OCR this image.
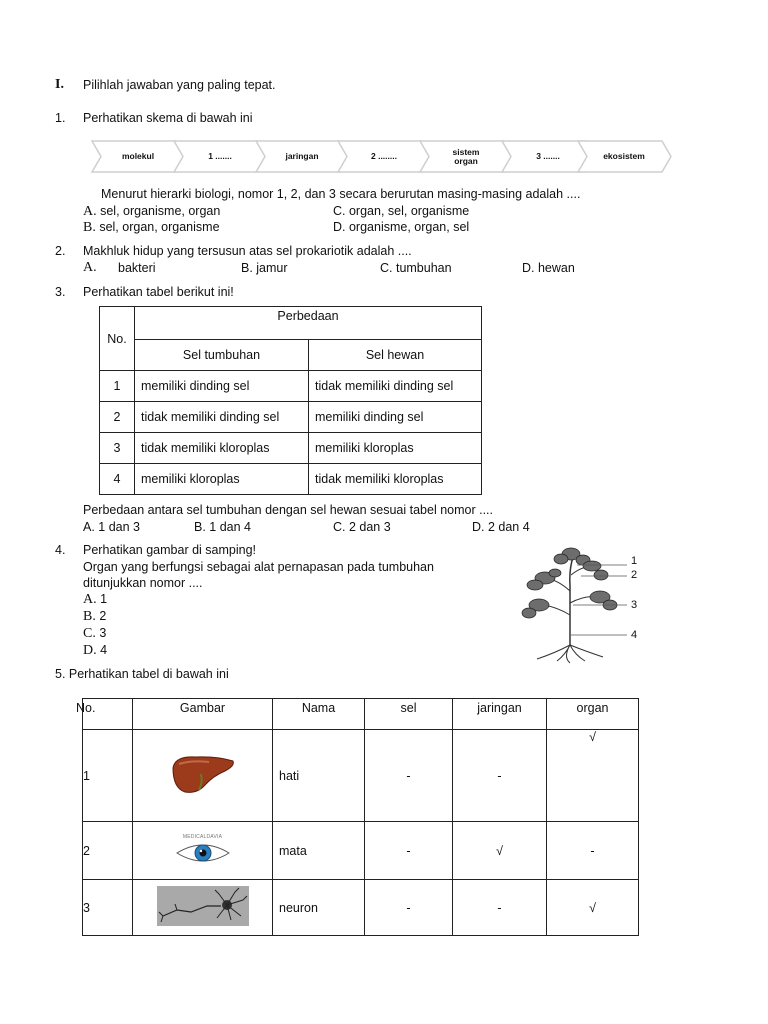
I. Pilihlah jawaban yang paling tepat.
1. Perhatikan skema di bawah ini
molekul	1 .......	jaringan	2 ........	sistem organ	3 .......	ekosistem
Menurut hierarki biologi, nomor 1, 2, dan 3 secara berurutan masing-masing adalah ....
A. sel, organisme, organ	C. organ, sel, organisme
B. sel, organ, organisme	D. organisme, organ, sel
2. Makhluk hidup yang tersusun atas sel prokariotik adalah ....
A. bakteri	B. jamur	C. tumbuhan	D. hewan
3. Perhatikan tabel berikut ini!
No.	Perbedaan	
	Sel tumbuhan	Sel hewan
1	memiliki dinding sel	tidak memiliki dinding sel
2	tidak memiliki dinding sel	memiliki dinding sel
3	tidak memiliki kloroplas	memiliki kloroplas
4	memiliki kloroplas	tidak memiliki kloroplas
Perbedaan antara sel tumbuhan dengan sel hewan sesuai tabel nomor ....
A. 1 dan 3	B. 1 dan 4	C. 2 dan 3	D. 2 dan 4
4. Perhatikan gambar di samping!
Organ yang berfungsi sebagai alat pernapasan pada tumbuhan
ditunjukkan nomor ....
A. 1
B. 2
C. 3
D. 4
1
2
3
4
5. Perhatikan tabel di bawah ini
No.	Gambar	Nama	sel	jaringan	organ
1		hati	-	-	√
2	MEDICALDAVIA	mata	-	√	-
3		neuron	-	-	√
